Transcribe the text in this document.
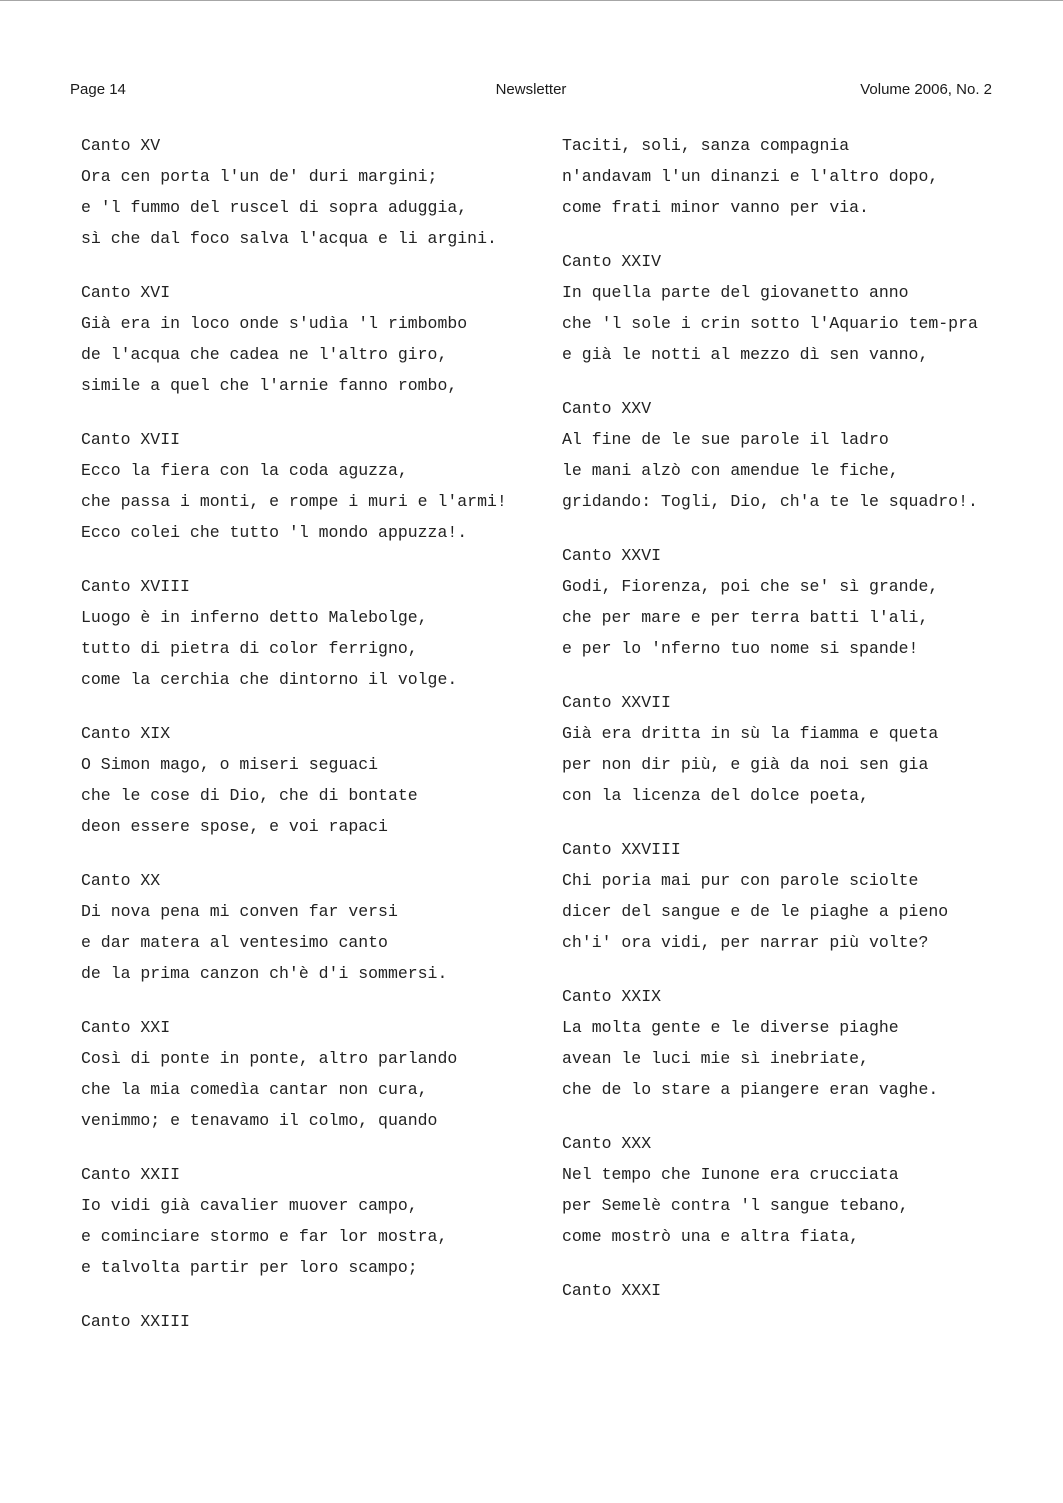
Page 14	Newsletter	Volume 2006, No. 2
Canto XV
Ora cen porta l'un de' duri margini;
e 'l fummo del ruscel di sopra aduggia,
sì che dal foco salva l'acqua e li argini.
Canto XVI
Già era in loco onde s'udìa 'l rimbombo
de l'acqua che cadea ne l'altro giro,
simile a quel che l'arnie fanno rombo,
Canto XVII
Ecco la fiera con la coda aguzza,
che passa i monti, e rompe i muri e l'armi!
Ecco colei che tutto 'l mondo appuzza!.
Canto XVIII
Luogo è in inferno detto Malebolge,
tutto di pietra di color ferrigno,
come la cerchia che dintorno il volge.
Canto XIX
O Simon mago, o miseri seguaci
che le cose di Dio, che di bontate
deon essere spose, e voi rapaci
Canto XX
Di nova pena mi conven far versi
e dar matera al ventesimo canto
de la prima canzon ch'è d'i sommersi.
Canto XXI
Così di ponte in ponte, altro parlando
che la mia comedìa cantar non cura,
venimmo; e tenavamo il colmo, quando
Canto XXII
Io vidi già cavalier muover campo,
e cominciare stormo e far lor mostra,
e talvolta partir per loro scampo;
Canto XXIII
Taciti, soli, sanza compagnia
n'andavam l'un dinanzi e l'altro dopo,
come frati minor vanno per via.
Canto XXIV
In quella parte del giovanetto anno
che 'l sole i crin sotto l'Aquario tem-pra
e già le notti al mezzo dì sen vanno,
Canto XXV
Al fine de le sue parole il ladro
le mani alzò con amendue le fiche,
gridando: Togli, Dio, ch'a te le squadro!.
Canto XXVI
Godi, Fiorenza, poi che se' sì grande,
che per mare e per terra batti l'ali,
e per lo 'nferno tuo nome si spande!
Canto XXVII
Già era dritta in sù la fiamma e queta
per non dir più, e già da noi sen gia
con la licenza del dolce poeta,
Canto XXVIII
Chi poria mai pur con parole sciolte
dicer del sangue e de le piaghe a pieno
ch'i' ora vidi, per narrar più volte?
Canto XXIX
La molta gente e le diverse piaghe
avean le luci mie sì inebriate,
che de lo stare a piangere eran vaghe.
Canto XXX
Nel tempo che Iunone era crucciata
per Semelè contra 'l sangue tebano,
come mostrò una e altra fiata,
Canto XXXI
